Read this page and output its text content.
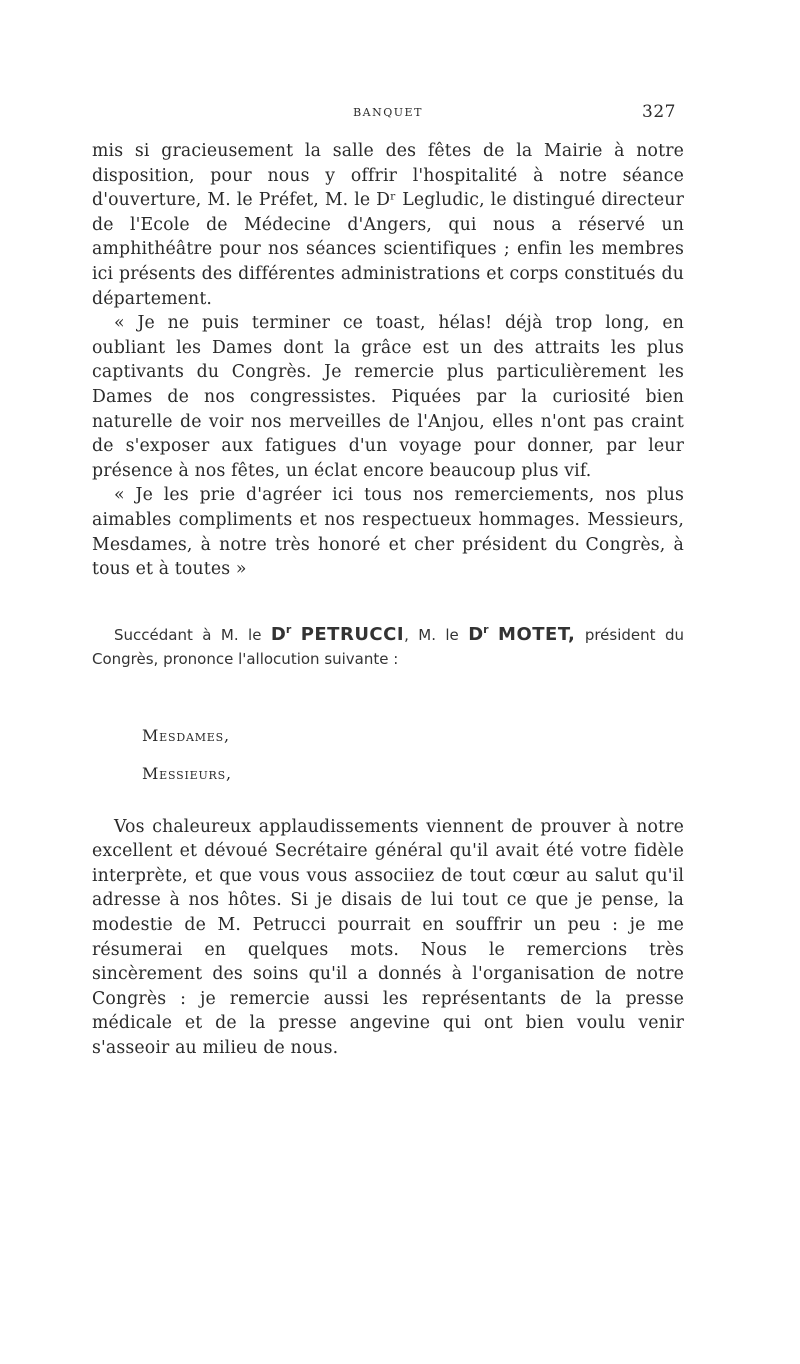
BANQUET	327

mis si gracieusement la salle des fêtes de la Mairie à notre disposition, pour nous y offrir l'hospitalité à notre séance d'ouverture, M. le Préfet, M. le Dʳ Legludic, le distingué directeur de l'Ecole de Médecine d'Angers, qui nous a réservé un amphithéâtre pour nos séances scientifiques ; enfin les membres ici présents des différentes administrations et corps constitués du département.

« Je ne puis terminer ce toast, hélas! déjà trop long, en oubliant les Dames dont la grâce est un des attraits les plus captivants du Congrès. Je remercie plus particulièrement les Dames de nos congressistes. Piquées par la curiosité bien naturelle de voir nos merveilles de l'Anjou, elles n'ont pas craint de s'exposer aux fatigues d'un voyage pour donner, par leur présence à nos fêtes, un éclat encore beaucoup plus vif.

« Je les prie d'agréer ici tous nos remerciements, nos plus aimables compliments et nos respectueux hommages. Messieurs, Mesdames, à notre très honoré et cher président du Congrès, à tous et à toutes »

Succédant à M. le $D^r$ PETRUCCI, M. le $D^r$ MOTET, président du Congrès, prononce l'allocution suivante :
Mesdames,
Messieurs,

Vos chaleureux applaudissements viennent de prouver à notre excellent et dévoué Secrétaire général qu'il avait été votre fidèle interprète, et que vous vous associiez de tout cœur au salut qu'il adresse à nos hôtes. Si je disais de lui tout ce que je pense, la modestie de M. Petrucci pourrait en souffrir un peu : je me résumerai en quelques mots. Nous le remercions très sincèrement des soins qu'il a donnés à l'organisation de notre Congrès : je remercie aussi les représentants de la presse médicale et de la presse angevine qui ont bien voulu venir s'asseoir au milieu de nous.
